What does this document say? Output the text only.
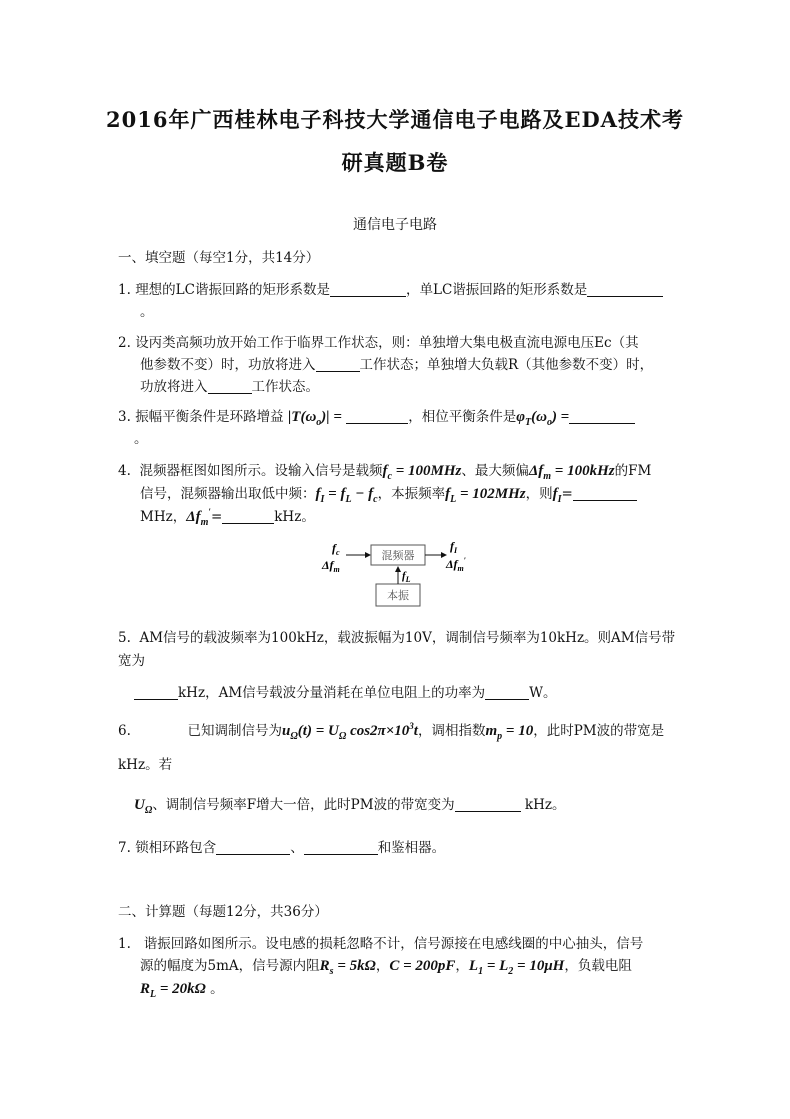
2016年广西桂林电子科技大学通信电子电路及EDA技术考
研真题B卷
通信电子电路
一、填空题（每空1分，共14分）
1. 理想的LC谐振回路的矩形系数是	，单LC谐振回路的矩形系数是
。
2. 设丙类高频功放开始工作于临界工作状态，则：单独增大集电极直流电源电压Ec（其
他参数不变）时，功放将进入	工作状态；单独增大负载R（其他参数不变）时，
功放将进入	工作状态。
3. 振幅平衡条件是环路增益 $|T(\omega_o)|$ =	，相位平衡条件是$\varphi_T(\omega_o)$ =
。
4. 混频器框图如图所示。设输入信号是载频$f_c = 100MHz$、最大频偏$\Delta f_m = 100kHz$的FM
信号，混频器输出取低中频：$f_I = f_L - f_c$，本振频率$f_L = 102MHz$，则$f_I=$
MHz，$\Delta f_m'=$	kHz。
$f_c$
$\Delta f_m$
混频器
$f_I$
$\Delta f_m'$
本振
$f_L$
5. AM信号的载波频率为100kHz，载波振幅为10V，调制信号频率为10kHz。则AM信号带
宽为
kHz，AM信号载波分量消耗在单位电阻上的功率为	W。
6.	已知调制信号为$u_\Omega(t) = U_\Omega$ $\cos 2\pi\times 10^3t$，调相指数$m_p = 10$，此时PM波的带宽是
kHz。若
$U_\Omega$、调制信号频率F增大一倍，此时PM波的带宽变为	kHz。
7. 锁相环路包含	、	和鉴相器。
二、计算题（每题12分，共36分）
1. 谐振回路如图所示。设电感的损耗忽略不计，信号源接在电感线圈的中心抽头，信号
源的幅度为5mA，信号源内阻$R_s = 5k\Omega$，C = 200pF，$L_1 = L_2 = 10\mu H$，负载电阻
$R_L = 20k\Omega$ 。
